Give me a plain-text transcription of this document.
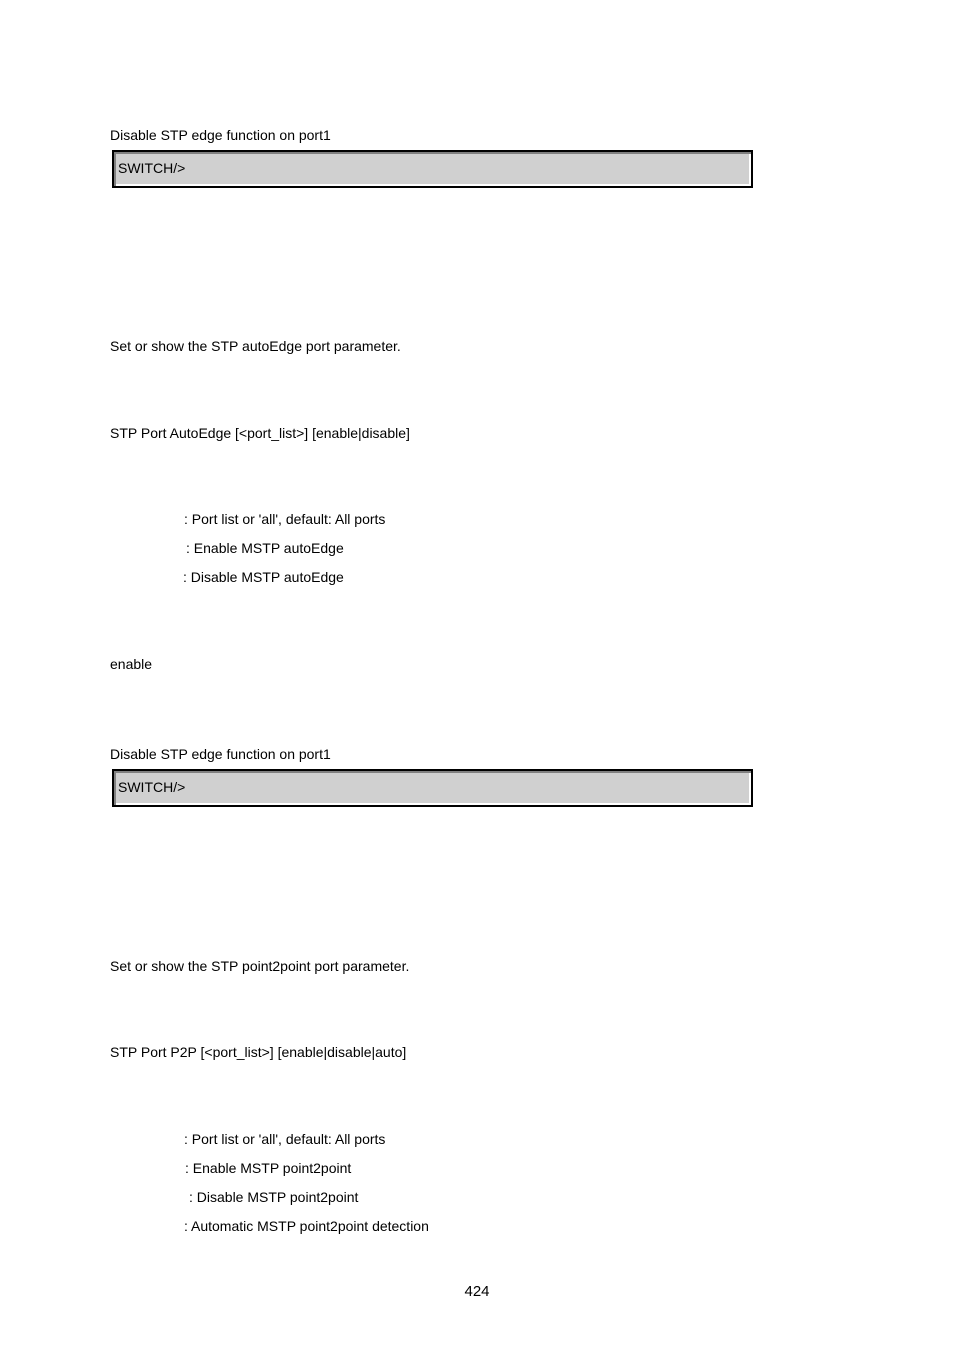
Disable STP edge function on port1
SWITCH/>
Set or show the STP autoEdge port parameter.
STP Port AutoEdge [<port_list>] [enable|disable]
: Port list or 'all', default: All ports
: Enable MSTP autoEdge
: Disable MSTP autoEdge
enable
Disable STP edge function on port1
SWITCH/>
Set or show the STP point2point port parameter.
STP Port P2P [<port_list>] [enable|disable|auto]
: Port list or 'all', default: All ports
: Enable MSTP point2point
: Disable MSTP point2point
: Automatic MSTP point2point detection
424
